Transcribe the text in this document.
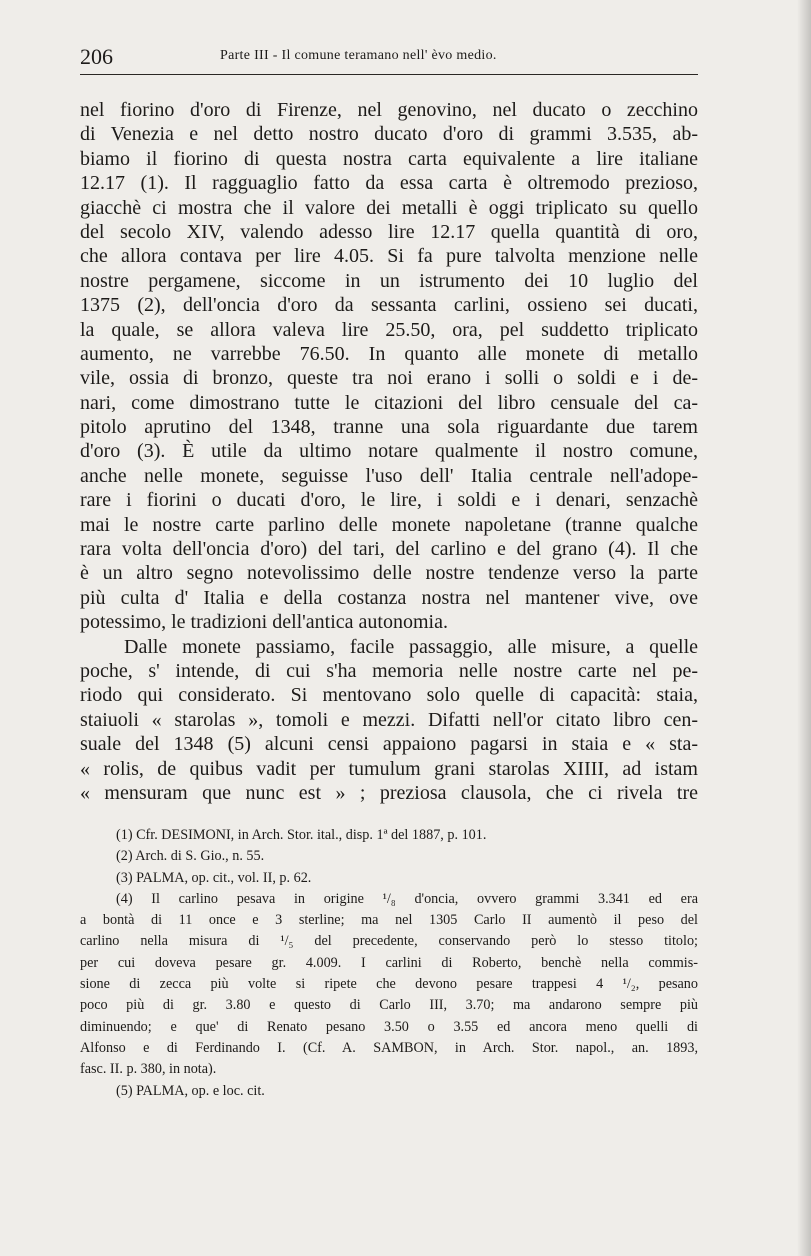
206	Parte III - Il comune teramano nell' èvo medio.
nel fiorino d'oro di Firenze, nel genovino, nel ducato o zecchino
di Venezia e nel detto nostro ducato d'oro di grammi 3.535, ab-
biamo il fiorino di questa nostra carta equivalente a lire italiane
12.17 (1). Il ragguaglio fatto da essa carta è oltremodo prezioso,
giacchè ci mostra che il valore dei metalli è oggi triplicato su quello
del secolo XIV, valendo adesso lire 12.17 quella quantità di oro,
che allora contava per lire 4.05. Si fa pure talvolta menzione nelle
nostre pergamene, siccome in un istrumento dei 10 luglio del
1375 (2), dell'oncia d'oro da sessanta carlini, ossieno sei ducati,
la quale, se allora valeva lire 25.50, ora, pel suddetto triplicato
aumento, ne varrebbe 76.50. In quanto alle monete di metallo
vile, ossia di bronzo, queste tra noi erano i solli o soldi e i de-
nari, come dimostrano tutte le citazioni del libro censuale del ca-
pitolo aprutino del 1348, tranne una sola riguardante due tarem
d'oro (3). È utile da ultimo notare qualmente il nostro comune,
anche nelle monete, seguisse l'uso dell' Italia centrale nell'adope-
rare i fiorini o ducati d'oro, le lire, i soldi e i denari, senzachè
mai le nostre carte parlino delle monete napoletane (tranne qualche
rara volta dell'oncia d'oro) del tari, del carlino e del grano (4). Il che
è un altro segno notevolissimo delle nostre tendenze verso la parte
più culta d' Italia e della costanza nostra nel mantener vive, ove
potessimo, le tradizioni dell'antica autonomia.
Dalle monete passiamo, facile passaggio, alle misure, a quelle
poche, s' intende, di cui s'ha memoria nelle nostre carte nel pe-
riodo qui considerato. Si mentovano solo quelle di capacità: staia,
staiuoli « starolas », tomoli e mezzi. Difatti nell'or citato libro cen-
suale del 1348 (5) alcuni censi appaiono pagarsi in staia e « sta-
« rolis, de quibus vadit per tumulum grani starolas XIIII, ad istam
« mensuram que nunc est » ; preziosa clausola, che ci rivela tre
(1) Cfr. DESIMONI, in Arch. Stor. ital., disp. 1ª del 1887, p. 101.
(2) Arch. di S. Gio., n. 55.
(3) PALMA, op. cit., vol. II, p. 62.
(4) Il carlino pesava in origine ¹/₈ d'oncia, ovvero grammi 3.341 ed era
a bontà di 11 once e 3 sterline; ma nel 1305 Carlo II aumentò il peso del
carlino nella misura di ¹/₅ del precedente, conservando però lo stesso titolo;
per cui doveva pesare gr. 4.009. I carlini di Roberto, benchè nella commis-
sione di zecca più volte si ripete che devono pesare trappesi 4 ¹/₂, pesano
poco più di gr. 3.80 e questo di Carlo III, 3.70; ma andarono sempre più
diminuendo; e que' di Renato pesano 3.50 o 3.55 ed ancora meno quelli di
Alfonso e di Ferdinando I. (Cf. A. SAMBON, in Arch. Stor. napol., an. 1893,
fasc. II. p. 380, in nota).
(5) PALMA, op. e loc. cit.
